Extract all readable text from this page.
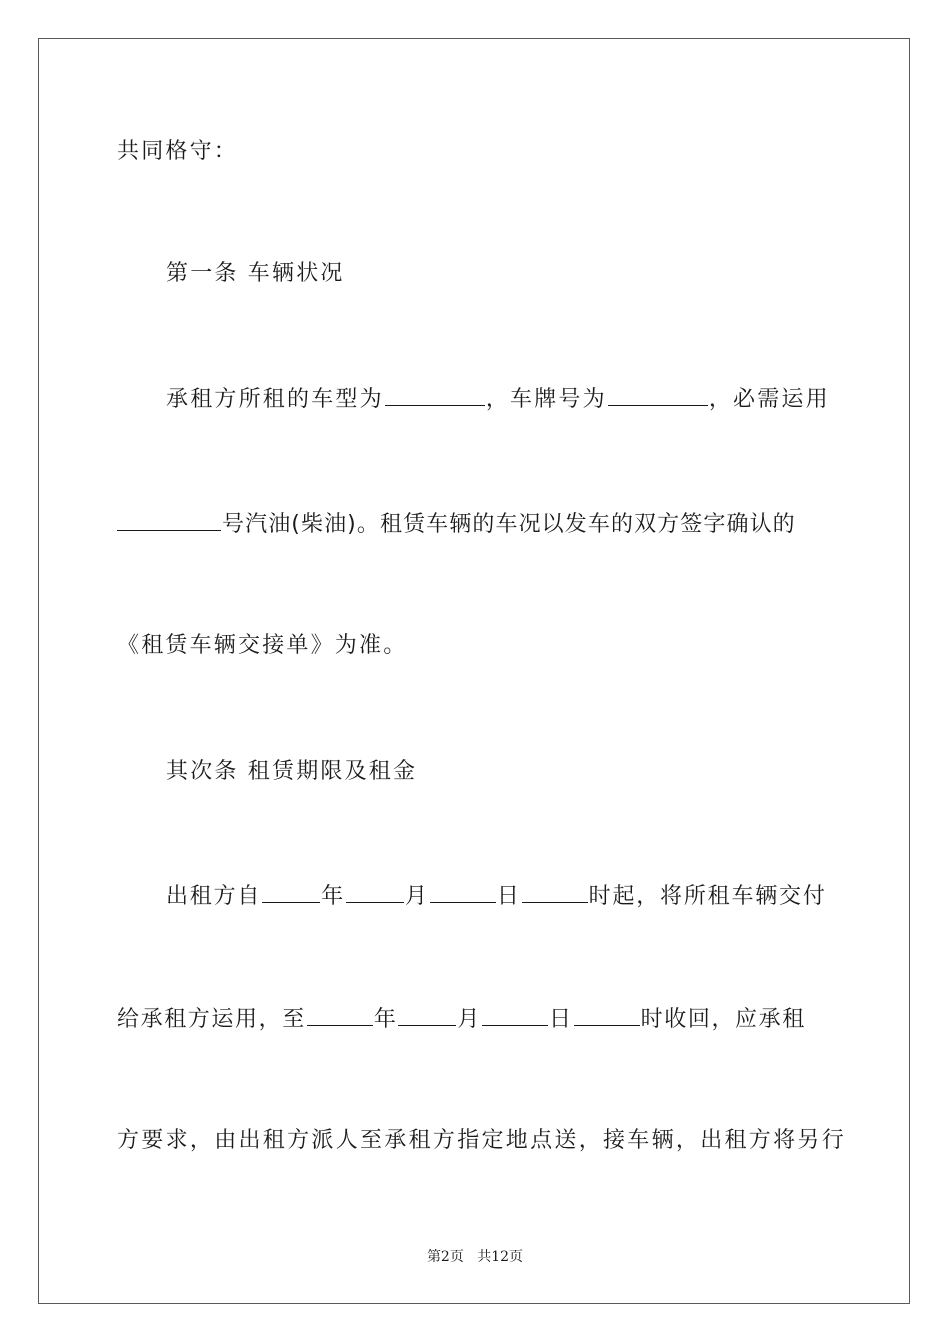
共同格守：
第一条 车辆状况
承租方所租的车型为	，车牌号为	，必需运用
号汽油(柴油)。租赁车辆的车况以发车的双方签字确认的
《租赁车辆交接单》为准。
其次条 租赁期限及租金
出租方自	年	月	日	时起，将所租车辆交付
给承租方运用，至	年	月	日	时收回，应承租
方要求，由出租方派人至承租方指定地点送，接车辆，出租方将另行
第2页 共12页
